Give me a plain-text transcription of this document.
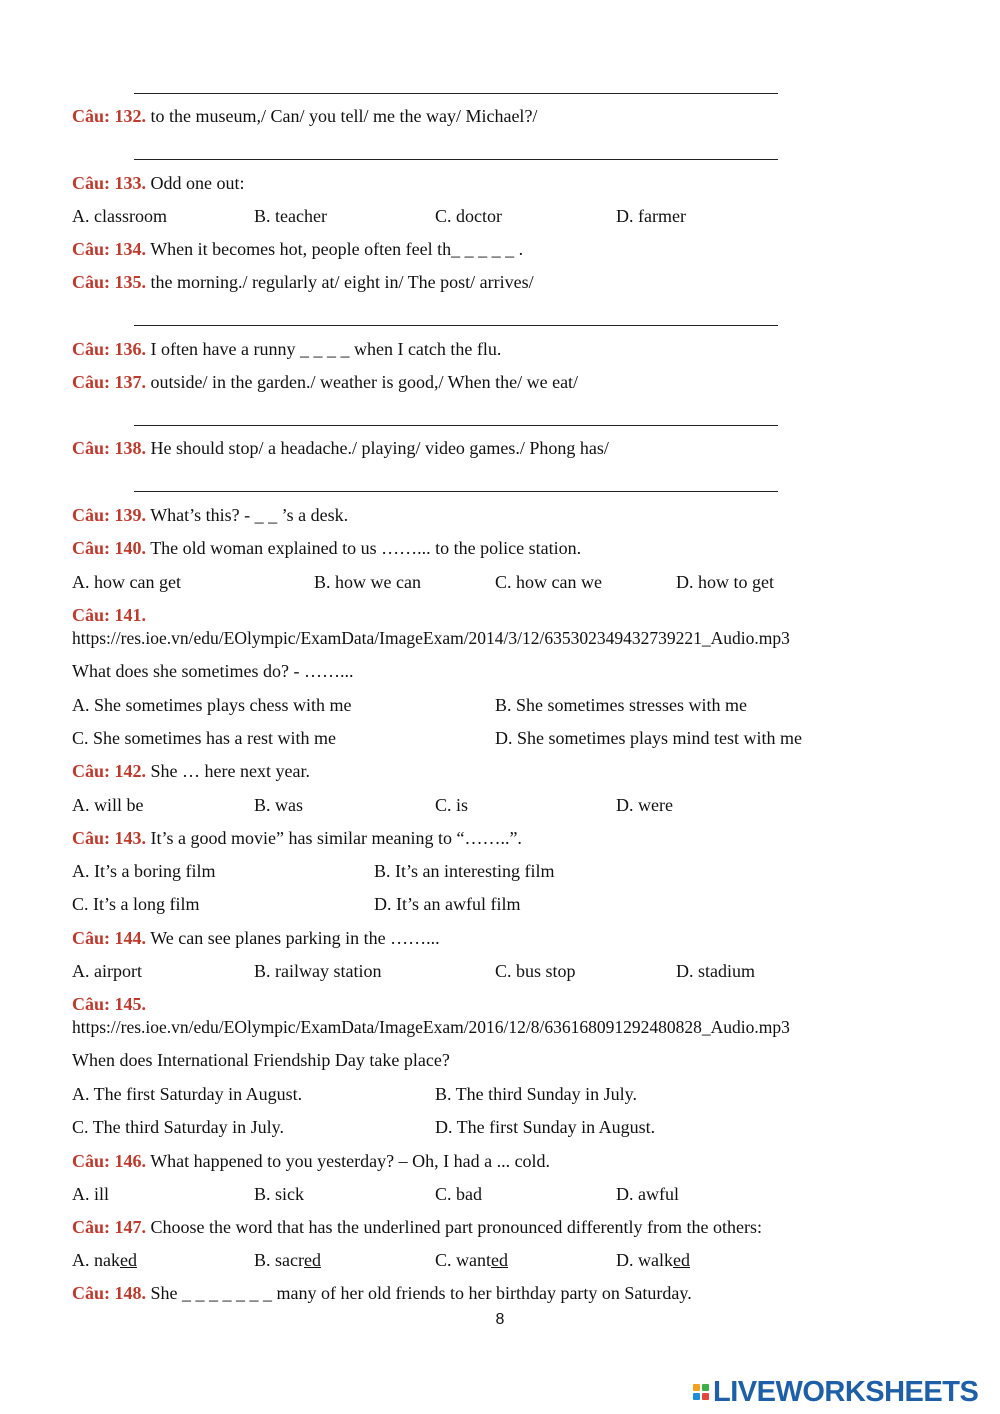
Câu: 132. to the museum,/ Can/ you tell/ me the way/ Michael?/
Câu: 133. Odd one out:
A. classroom	B. teacher	C. doctor	D. farmer
Câu: 134. When it becomes hot, people often feel th_ _ _ _ _ .
Câu: 135. the morning./ regularly at/ eight in/ The post/ arrives/
Câu: 136. I often have a runny _ _ _ _ when I catch the flu.
Câu: 137. outside/ in the garden./ weather is good,/ When the/ we eat/
Câu: 138. He should stop/ a headache./ playing/ video games./ Phong has/
Câu: 139. What’s this? - _ _ ’s a desk.
Câu: 140. The old woman explained to us ……... to the police station.
A. how can get	B. how we can	C. how can we	D. how to get
Câu: 141.
https://res.ioe.vn/edu/EOlympic/ExamData/ImageExam/2014/3/12/635302349432739221_Audio.mp3
What does she sometimes do? - ……...
A. She sometimes plays chess with me	B. She sometimes stresses with me
C. She sometimes has a rest with me	D. She sometimes plays mind test with me
Câu: 142. She … here next year.
A. will be	B. was	C. is	D. were
Câu: 143. It’s a good movie” has similar meaning to “……..”.
A. It’s a boring film	B. It’s an interesting film
C. It’s a long film	D. It’s an awful film
Câu: 144. We can see planes parking in the ……...
A. airport	B. railway station	C. bus stop	D. stadium
Câu: 145.
https://res.ioe.vn/edu/EOlympic/ExamData/ImageExam/2016/12/8/636168091292480828_Audio.mp3
When does International Friendship Day take place?
A. The first Saturday in August.	B. The third Sunday in July.
C. The third Saturday in July.	D. The first Sunday in August.
Câu: 146. What happened to you yesterday? – Oh, I had a ... cold.
A. ill	B. sick	C. bad	D. awful
Câu: 147. Choose the word that has the underlined part pronounced differently from the others:
A. naked	B. sacred	C. wanted	D. walked
Câu: 148. She _ _ _ _ _ _ _ many of her old friends to her birthday party on Saturday.
8
LIVEWORKSHEETS
